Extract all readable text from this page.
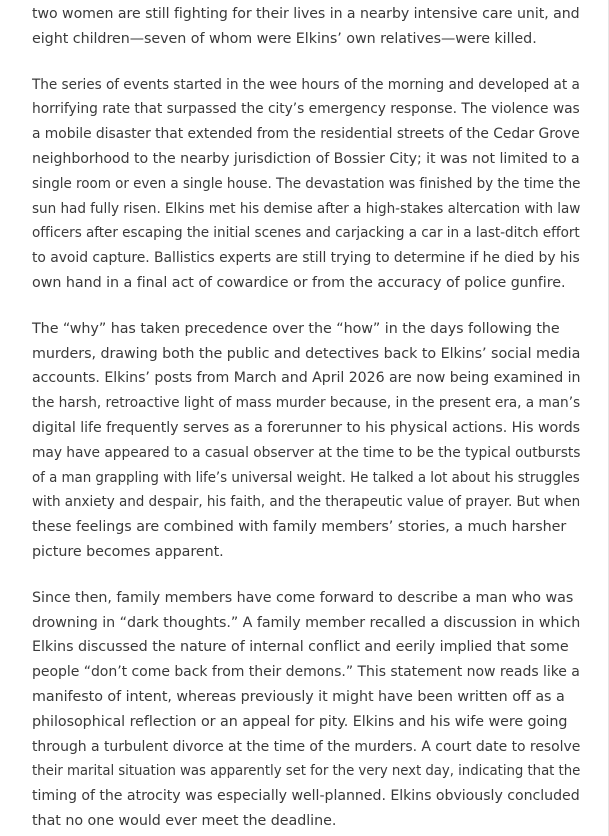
two women are still fighting for their lives in a nearby intensive care unit, and
eight children—seven of whom were Elkins’ own relatives—were killed.

The series of events started in the wee hours of the morning and developed at a
horrifying rate that surpassed the city’s emergency response. The violence was
a mobile disaster that extended from the residential streets of the Cedar Grove
neighborhood to the nearby jurisdiction of Bossier City; it was not limited to a
single room or even a single house. The devastation was finished by the time the
sun had fully risen. Elkins met his demise after a high-stakes altercation with law
officers after escaping the initial scenes and carjacking a car in a last-ditch effort
to avoid capture. Ballistics experts are still trying to determine if he died by his
own hand in a final act of cowardice or from the accuracy of police gunfire.

The “why” has taken precedence over the “how” in the days following the
murders, drawing both the public and detectives back to Elkins’ social media
accounts. Elkins’ posts from March and April 2026 are now being examined in
the harsh, retroactive light of mass murder because, in the present era, a man’s
digital life frequently serves as a forerunner to his physical actions. His words
may have appeared to a casual observer at the time to be the typical outbursts
of a man grappling with life’s universal weight. He talked a lot about his struggles
with anxiety and despair, his faith, and the therapeutic value of prayer. But when
these feelings are combined with family members’ stories, a much harsher
picture becomes apparent.

Since then, family members have come forward to describe a man who was
drowning in “dark thoughts.” A family member recalled a discussion in which
Elkins discussed the nature of internal conflict and eerily implied that some
people “don’t come back from their demons.” This statement now reads like a
manifesto of intent, whereas previously it might have been written off as a
philosophical reflection or an appeal for pity. Elkins and his wife were going
through a turbulent divorce at the time of the murders. A court date to resolve
their marital situation was apparently set for the very next day, indicating that the
timing of the atrocity was especially well-planned. Elkins obviously concluded
that no one would ever meet the deadline.
